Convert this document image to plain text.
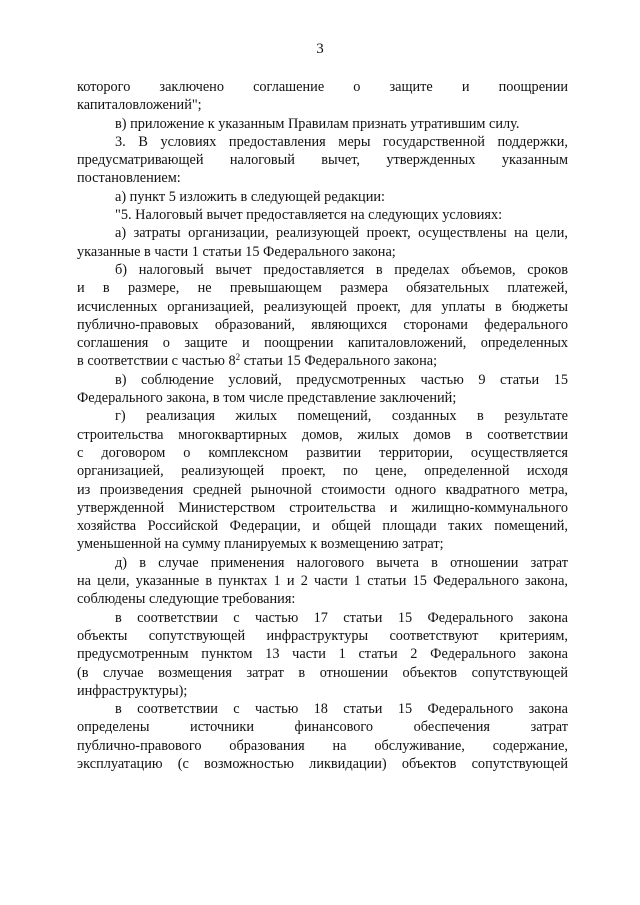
3

которого заключено соглашение о защите и поощрении
капиталовложений";

в) приложение к указанным Правилам признать утратившим силу.

3. В условиях предоставления меры государственной поддержки,
предусматривающей налоговый вычет, утвержденных указанным
постановлением:

а) пункт 5 изложить в следующей редакции:

"5. Налоговый вычет предоставляется на следующих условиях:

а) затраты организации, реализующей проект, осуществлены на цели,
указанные в части 1 статьи 15 Федерального закона;

б) налоговый вычет предоставляется в пределах объемов, сроков
и в размере, не превышающем размера обязательных платежей,
исчисленных организацией, реализующей проект, для уплаты в бюджеты
публично-правовых образований, являющихся сторонами федерального
соглашения о защите и поощрении капиталовложений, определенных
в соответствии с частью $8^2$ статьи 15 Федерального закона;

в) соблюдение условий, предусмотренных частью 9 статьи 15
Федерального закона, в том числе представление заключений;

г) реализация жилых помещений, созданных в результате
строительства многоквартирных домов, жилых домов в соответствии
с договором о комплексном развитии территории, осуществляется
организацией, реализующей проект, по цене, определенной исходя
из произведения средней рыночной стоимости одного квадратного метра,
утвержденной Министерством строительства и жилищно-коммунального
хозяйства Российской Федерации, и общей площади таких помещений,
уменьшенной на сумму планируемых к возмещению затрат;

д) в случае применения налогового вычета в отношении затрат
на цели, указанные в пунктах 1 и 2 части 1 статьи 15 Федерального закона,
соблюдены следующие требования:

в соответствии с частью 17 статьи 15 Федерального закона
объекты сопутствующей инфраструктуры соответствуют критериям,
предусмотренным пунктом 13 части 1 статьи 2 Федерального закона
(в случае возмещения затрат в отношении объектов сопутствующей
инфраструктуры);

в соответствии с частью 18 статьи 15 Федерального закона
определены источники финансового обеспечения затрат
публично-правового образования на обслуживание, содержание,
эксплуатацию (с возможностью ликвидации) объектов сопутствующей
